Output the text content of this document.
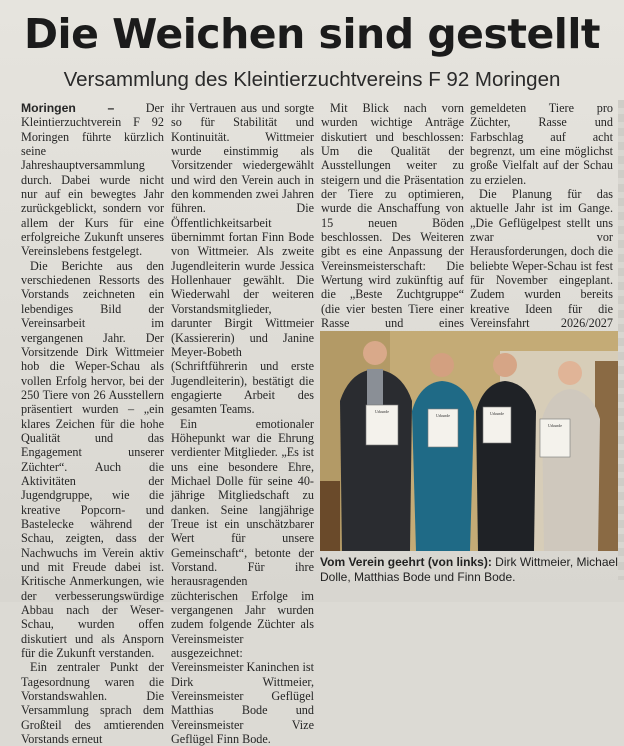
Die Weichen sind gestellt
Versammlung des Kleintierzuchtvereins F 92 Moringen

Moringen –	Der Kleintierzuchtverein F 92 Moringen führte kürzlich seine Jahreshauptversammlung durch. Dabei wurde nicht nur auf ein bewegtes Jahr zurückgeblickt, sondern vor allem der Kurs für eine erfolgreiche Zukunft unseres Vereinslebens festgelegt.

Die Berichte aus den verschiedenen Ressorts des Vorstands zeichneten ein lebendiges Bild der Vereinsarbeit im vergangenen Jahr. Der Vorsitzende Dirk Wittmeier hob die Weper-Schau als vollen Erfolg hervor, bei der 250 Tiere von 26 Ausstellern präsentiert wurden – „ein klares Zeichen für die hohe Qualität und das Engagement unserer Züchter“. Auch die Aktivitäten der Jugendgruppe, wie die kreative Popcorn- und Bastelecke während der Schau, zeigten, dass der Nachwuchs im Verein aktiv und mit Freude dabei ist. Kritische Anmerkungen, wie der verbesserungswürdige Abbau nach der Weser-Schau, wurden offen diskutiert und als Ansporn für die Zukunft verstanden.

Ein zentraler Punkt der Tagesordnung waren die Vorstandswahlen. Die Versammlung sprach dem Großteil des amtierenden Vorstands erneut

ihr Vertrauen aus und sorgte so für Stabilität und Kontinuität. Wittmeier wurde einstimmig als Vorsitzender wiedergewählt und wird den Verein auch in den kommenden zwei Jahren führen. Die Öffentlichkeitsarbeit übernimmt fortan Finn Bode von Wittmeier. Als zweite Jugendleiterin wurde Jessica Hollenhauer gewählt. Die Wiederwahl der weiteren Vorstandsmitglieder, darunter Birgit Wittmeier (Kassiererin) und Janine Meyer-Bobeth (Schriftführerin und erste Jugendleiterin), bestätigt die engagierte Arbeit des gesamten Teams.

Ein emotionaler Höhepunkt war die Ehrung verdienter Mitglieder. „Es ist uns eine besondere Ehre, Michael Dolle für seine 40-jährige Mitgliedschaft zu danken. Seine langjährige Treue ist ein unschätzbarer Wert für unsere Gemeinschaft“, betonte der Vorstand. Für ihre herausragenden züchterischen Erfolge im vergangenen Jahr wurden zudem folgende Züchter als Vereinsmeister ausgezeichnet: Vereinsmeister Kaninchen ist Dirk Wittmeier, Vereinsmeister Geflügel Matthias Bode und Vereinsmeister Vize Geflügel Finn Bode.

Mit Blick nach vorn wurden wichtige Anträge diskutiert und beschlossen: Um die Qualität der Ausstellungen weiter zu steigern und die Präsentation der Tiere zu optimieren, wurde die Anschaffung von 15 neuen Böden beschlossen. Des Weiteren gibt es eine Anpassung der Vereinsmeisterschaft: Die Wertung wird zukünftig auf die „Beste Zuchtgruppe“ (die vier besten Tiere einer Rasse und eines

gemeldeten Tiere pro Züchter, Rasse und Farbschlag auf acht begrenzt, um eine möglichst große Vielfalt auf der Schau zu erzielen.

Die Planung für das aktuelle Jahr ist im Gange. „Die Geflügelpest stellt uns zwar vor Herausforderungen, doch die beliebte Weper-Schau ist fest für November eingeplant. Zudem wurden bereits kreative Ideen für die Vereinsfahrt 2026/2027

Urkunde
Urkunde	Urkunde
Urkunde
Vom Verein geehrt (von links): Dirk Wittmeier, Michael Dolle, Matthias Bode und Finn Bode.
